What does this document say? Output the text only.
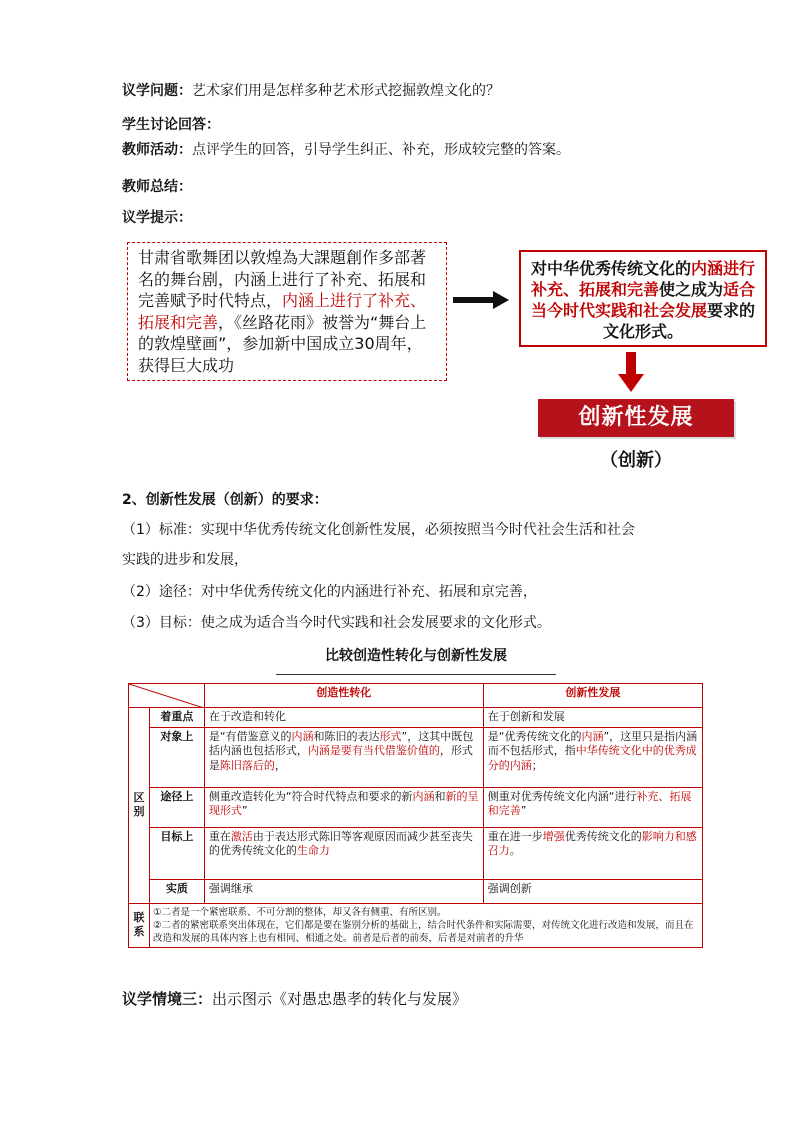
议学问题：艺术家们用是怎样多种艺术形式挖掘敦煌文化的？
学生讨论回答：
教师活动：点评学生的回答，引导学生纠正、补充，形成较完整的答案。
教师总结：
议学提示：
甘肃省歌舞团以敦煌為大課題創作多部著名的舞台剧，内涵上进行了补充、拓展和完善赋予时代特点，内涵上进行了补充、拓展和完善，《丝路花雨》被誉为“舞台上的敦煌壁画”，参加新中国成立30周年，获得巨大成功
对中华优秀传统文化的内涵进行补充、拓展和完善使之成为适合当今时代实践和社会发展要求的文化形式。
创新性发展
（创新）
2、创新性发展（创新）的要求：
（1）标准：实现中华优秀传统文化创新性发展，必须按照当今时代社会生活和社会
实践的进步和发展，
（2）途径：对中华优秀传统文化的内涵进行补充、拓展和京完善，
（3）目标：使之成为适合当今时代实践和社会发展要求的文化形式。
比较创造性转化与创新性发展
	创造性转化	创新性发展
区别	着重点	在于改造和转化	在于创新和发展
	对象上	是“有借鉴意义的内涵和陈旧的表达形式”，这其中既包括内涵也包括形式，内涵是要有当代借鉴价值的，形式是陈旧落后的，	是“优秀传统文化的内涵”，这里只是指内涵而不包括形式，指中华传统文化中的优秀成分的内涵；
	途径上	侧重改造转化为“符合时代特点和要求的新内涵和新的呈现形式”	侧重对优秀传统文化内涵“进行补充、拓展和完善”
	目标上	重在激活由于表达形式陈旧等客观原因而减少甚至丧失的优秀传统文化的生命力	重在进一步增强优秀传统文化的影响力和感召力。
	实质	强调继承	强调创新
联系	①二者是一个紧密联系、不可分割的整体，却又各有侧重、有所区别。
②二者的紧密联系突出体现在，它们都是要在鉴别分析的基础上，结合时代条件和实际需要，对传统文化进行改造和发展，而且在改造和发展的具体内容上也有相同、相通之处。前者是后者的前奏，后者是对前者的升华		
议学情境三：出示图示《对愚忠愚孝的转化与发展》
